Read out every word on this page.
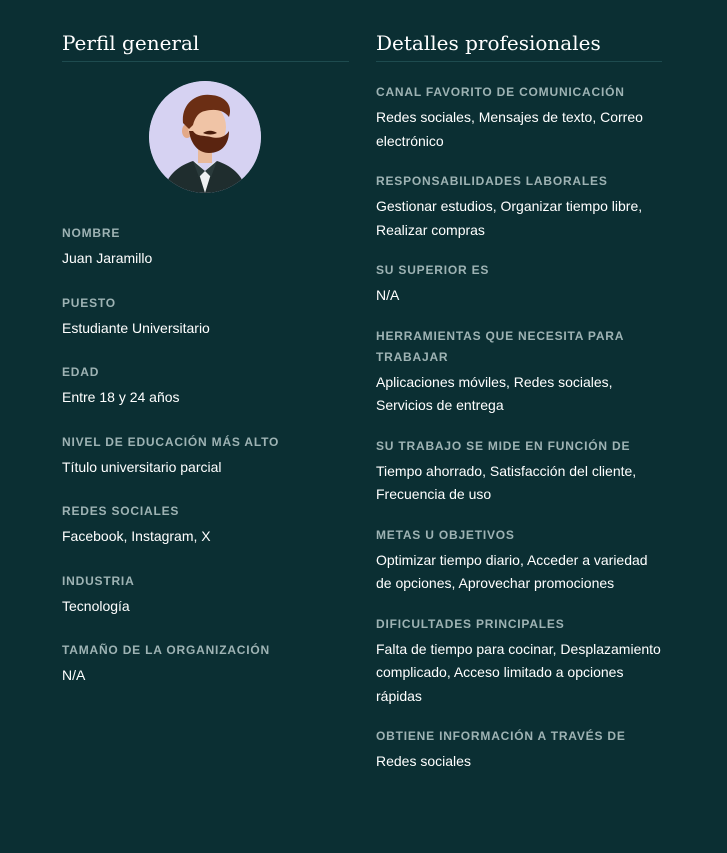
Perfil general
NOMBRE
Juan Jaramillo
PUESTO
Estudiante Universitario
EDAD
Entre 18 y 24 años
NIVEL DE EDUCACIÓN MÁS ALTO
Título universitario parcial
REDES SOCIALES
Facebook, Instagram, X
INDUSTRIA
Tecnología
TAMAÑO DE LA ORGANIZACIÓN
N/A
Detalles profesionales
CANAL FAVORITO DE COMUNICACIÓN
Redes sociales, Mensajes de texto, Correo electrónico
RESPONSABILIDADES LABORALES
Gestionar estudios, Organizar tiempo libre, Realizar compras
SU SUPERIOR ES
N/A
HERRAMIENTAS QUE NECESITA PARA TRABAJAR
Aplicaciones móviles, Redes sociales, Servicios de entrega
SU TRABAJO SE MIDE EN FUNCIÓN DE
Tiempo ahorrado, Satisfacción del cliente, Frecuencia de uso
METAS U OBJETIVOS
Optimizar tiempo diario, Acceder a variedad de opciones, Aprovechar promociones
DIFICULTADES PRINCIPALES
Falta de tiempo para cocinar, Desplazamiento complicado, Acceso limitado a opciones rápidas
OBTIENE INFORMACIÓN A TRAVÉS DE
Redes sociales
